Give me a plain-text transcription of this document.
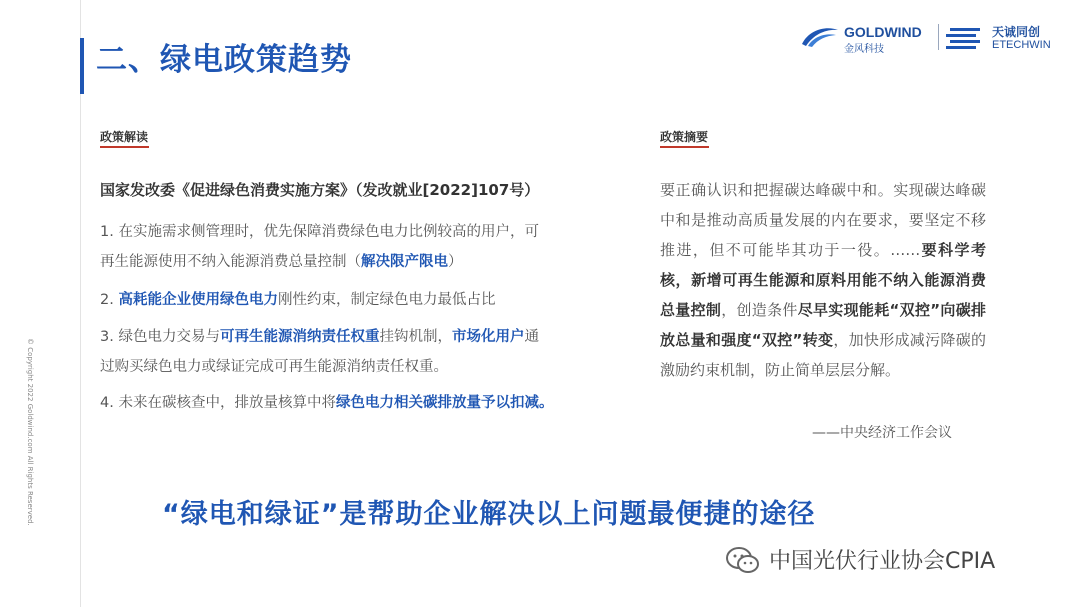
二、绿电政策趋势
GOLDWIND
金风科技
天诚同创
ETECHWIN
© Copyright 2022 Goldwind.com All Rights Reserved.
政策解读
国家发改委《促进绿色消费实施方案》（发改就业[2022]107号）
1. 在实施需求侧管理时，优先保障消费绿色电力比例较高的用户，可
再生能源使用不纳入能源消费总量控制（解决限产限电）
2. 高耗能企业使用绿色电力刚性约束，制定绿色电力最低占比
3. 绿色电力交易与可再生能源消纳责任权重挂钩机制，市场化用户通
过购买绿色电力或绿证完成可再生能源消纳责任权重。
4. 未来在碳核查中，排放量核算中将绿色电力相关碳排放量予以扣减。
政策摘要
要正确认识和把握碳达峰碳中和。实现碳达峰碳中和是推动高质量发展的内在要求，要坚定不移推进，但不可能毕其功于一役。……要科学考核，新增可再生能源和原料用能不纳入能源消费总量控制，创造条件尽早实现能耗“双控”向碳排放总量和强度“双控”转变，加快形成减污降碳的激励约束机制，防止简单层层分解。
——中央经济工作会议
“绿电和绿证”是帮助企业解决以上问题最便捷的途径
中国光伏行业协会CPIA
